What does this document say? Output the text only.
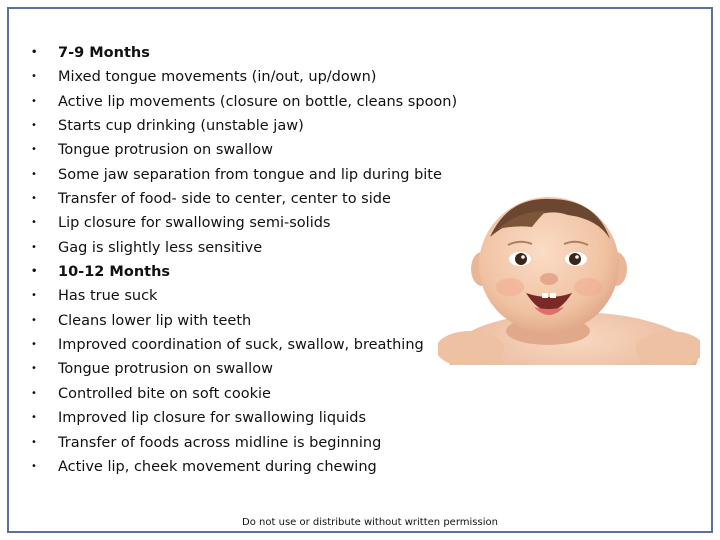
• 7-9 Months
• Mixed tongue movements (in/out, up/down)
• Active lip movements (closure on bottle, cleans spoon)
• Starts cup drinking (unstable jaw)
• Tongue protrusion on swallow
• Some jaw separation from tongue and lip during bite
• Transfer of food- side to center, center to side
• Lip closure for swallowing semi-solids
• Gag is slightly less sensitive
• 10-12 Months
• Has true suck
• Cleans lower lip with teeth
• Improved coordination of suck, swallow, breathing
• Tongue protrusion on swallow
• Controlled bite on soft cookie
• Improved lip closure for swallowing liquids
• Transfer of foods across midline is beginning
• Active lip, cheek movement during chewing
Do not use or distribute without written permission
